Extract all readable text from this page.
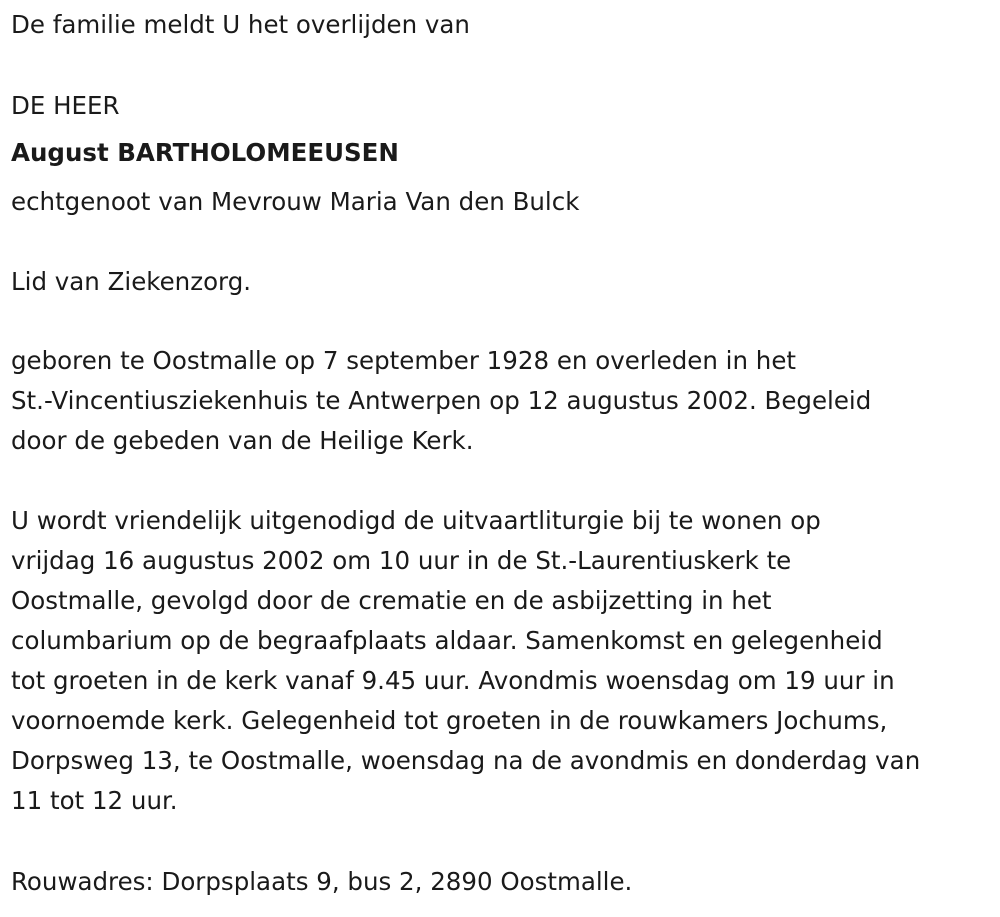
De familie meldt U het overlijden van
DE HEER
August BARTHOLOMEEUSEN
echtgenoot van Mevrouw Maria Van den Bulck
Lid van Ziekenzorg.
geboren te Oostmalle op 7 september 1928 en overleden in het
St.-Vincentiusziekenhuis te Antwerpen op 12 augustus 2002. Begeleid
door de gebeden van de Heilige Kerk.
U wordt vriendelijk uitgenodigd de uitvaartliturgie bij te wonen op
vrijdag 16 augustus 2002 om 10 uur in de St.-Laurentiuskerk te
Oostmalle, gevolgd door de crematie en de asbijzetting in het
columbarium op de begraafplaats aldaar. Samenkomst en gelegenheid
tot groeten in de kerk vanaf 9.45 uur. Avondmis woensdag om 19 uur in
voornoemde kerk. Gelegenheid tot groeten in de rouwkamers Jochums,
Dorpsweg 13, te Oostmalle, woensdag na de avondmis en donderdag van
11 tot 12 uur.
Rouwadres: Dorpsplaats 9, bus 2, 2890 Oostmalle.
